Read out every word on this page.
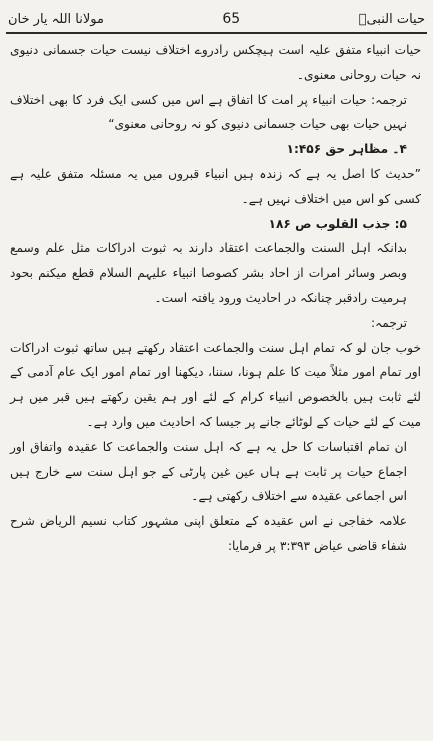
حیات النبیؐ
65
مولانا اللہ یار خان

حیات انبیاء متفق علیہ است ہیچکس رادروے اختلاف نیست حیات جسمانی دنیوی نہ حیات روحانی معنوی۔

ترجمہ: حیات انبیاء پر امت کا اتفاق ہے اس میں کسی ایک فرد کا بھی اختلاف نہیں حیات بھی حیات جسمانی دنیوی کو نہ روحانی معنوی“

۴۔ مظاہر حق ۱:۴۵۶

”حدیث کا اصل یہ ہے کہ زندہ ہیں انبیاء قبروں میں یہ مسئلہ متفق علیہ ہے کسی کو اس میں اختلاف نہیں ہے۔

۵: جذب القلوب ص ۱۸۶

بدانکہ اہل السنت والجماعت اعتقاد دارند بہ ثبوت ادراکات مثل علم وسمع وبصر وسائر امرات از احاد بشر کصوصا انبیاء علیہم السلام قطع میکنم بحود ہرمیت رادقبر چنانکہ در احادیث ورود یافتہ است۔

ترجمہ:

خوب جان لو کہ تمام اہل سنت والجماعت اعتقاد رکھتے ہیں ساتھ ثبوت ادراکات اور تمام امور مثلاً میت کا علم ہونا، سننا، دیکھنا اور تمام امور ایک عام آدمی کے لئے ثابت ہیں بالخصوص انبیاء کرام کے لئے اور ہم یقین رکھتے ہیں قبر میں ہر میت کے لئے حیات کے لوٹائے جانے پر جیسا کہ احادیث میں وارد ہے۔

ان تمام اقتباسات کا حل یہ ہے کہ اہل سنت والجماعت کا عقیدہ واتفاق اور اجماع حیات پر ثابت ہے ہاں عین غین پارٹی کے جو اہل سنت سے خارج ہیں اس اجماعی عقیدہ سے اختلاف رکھتی ہے۔

علامہ خفاجی نے اس عقیدہ کے متعلق اپنی مشہور کتاب نسیم الریاض شرح شفاء قاضی عیاض ۳:۳۹۳ پر فرمایا:
